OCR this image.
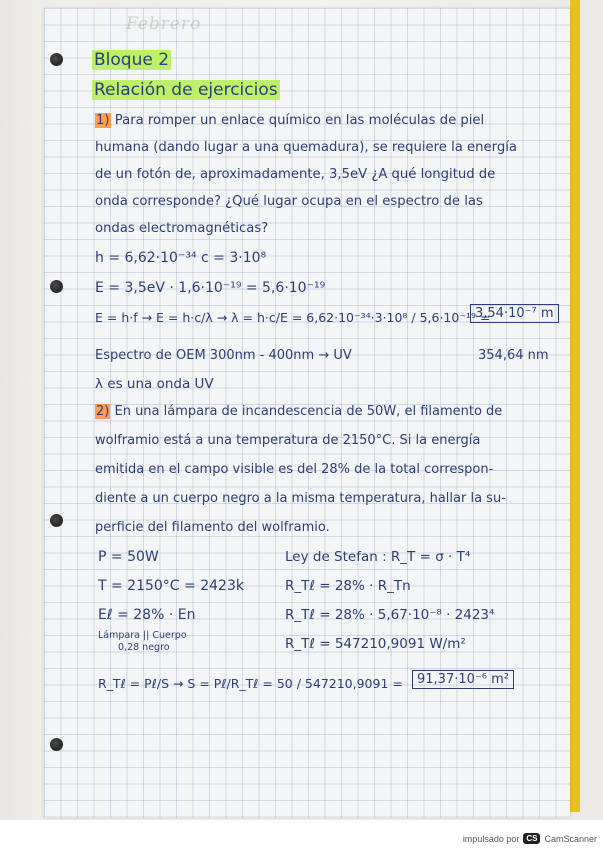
Febrero
Bloque 2
Relación de ejercicios
1) Para romper un enlace químico en las moléculas de piel
humana (dando lugar a una quemadura), se requiere la energía
de un fotón de, aproximadamente, 3,5eV ¿A qué longitud de
onda corresponde? ¿Qué lugar ocupa en el espectro de las
ondas electromagnéticas?
h = 6,62·10⁻³⁴ c = 3·10⁸
E = 3,5eV · 1,6·10⁻¹⁹ = 5,6·10⁻¹⁹
E = h·f → E = h·c/λ → λ = h·c/E = 6,62·10⁻³⁴·3·10⁸ / 5,6·10⁻¹⁹ =
3,54·10⁻⁷ m
Espectro de OEM 300nm - 400nm → UV	354,64 nm
λ es una onda UV
2) En una lámpara de incandescencia de 50W, el filamento de
wolframio está a una temperatura de 2150°C. Si la energía
emitida en el campo visible es del 28% de la total correspon-
diente a un cuerpo negro a la misma temperatura, hallar la su-
perficie del filamento del wolframio.
P = 50W
T = 2150°C = 2423k
Eℓ = 28% · En
Lámpara || Cuerpo
0,28 negro
Ley de Stefan : R_T = σ · T⁴
R_Tℓ = 28% · R_Tn
R_Tℓ = 28% · 5,67·10⁻⁸ · 2423⁴
R_Tℓ = 547210,9091 W/m²
R_Tℓ = Pℓ/S → S = Pℓ/R_Tℓ = 50 / 547210,9091 =	91,37·10⁻⁶ m²
impulsado por CS CamScanner
